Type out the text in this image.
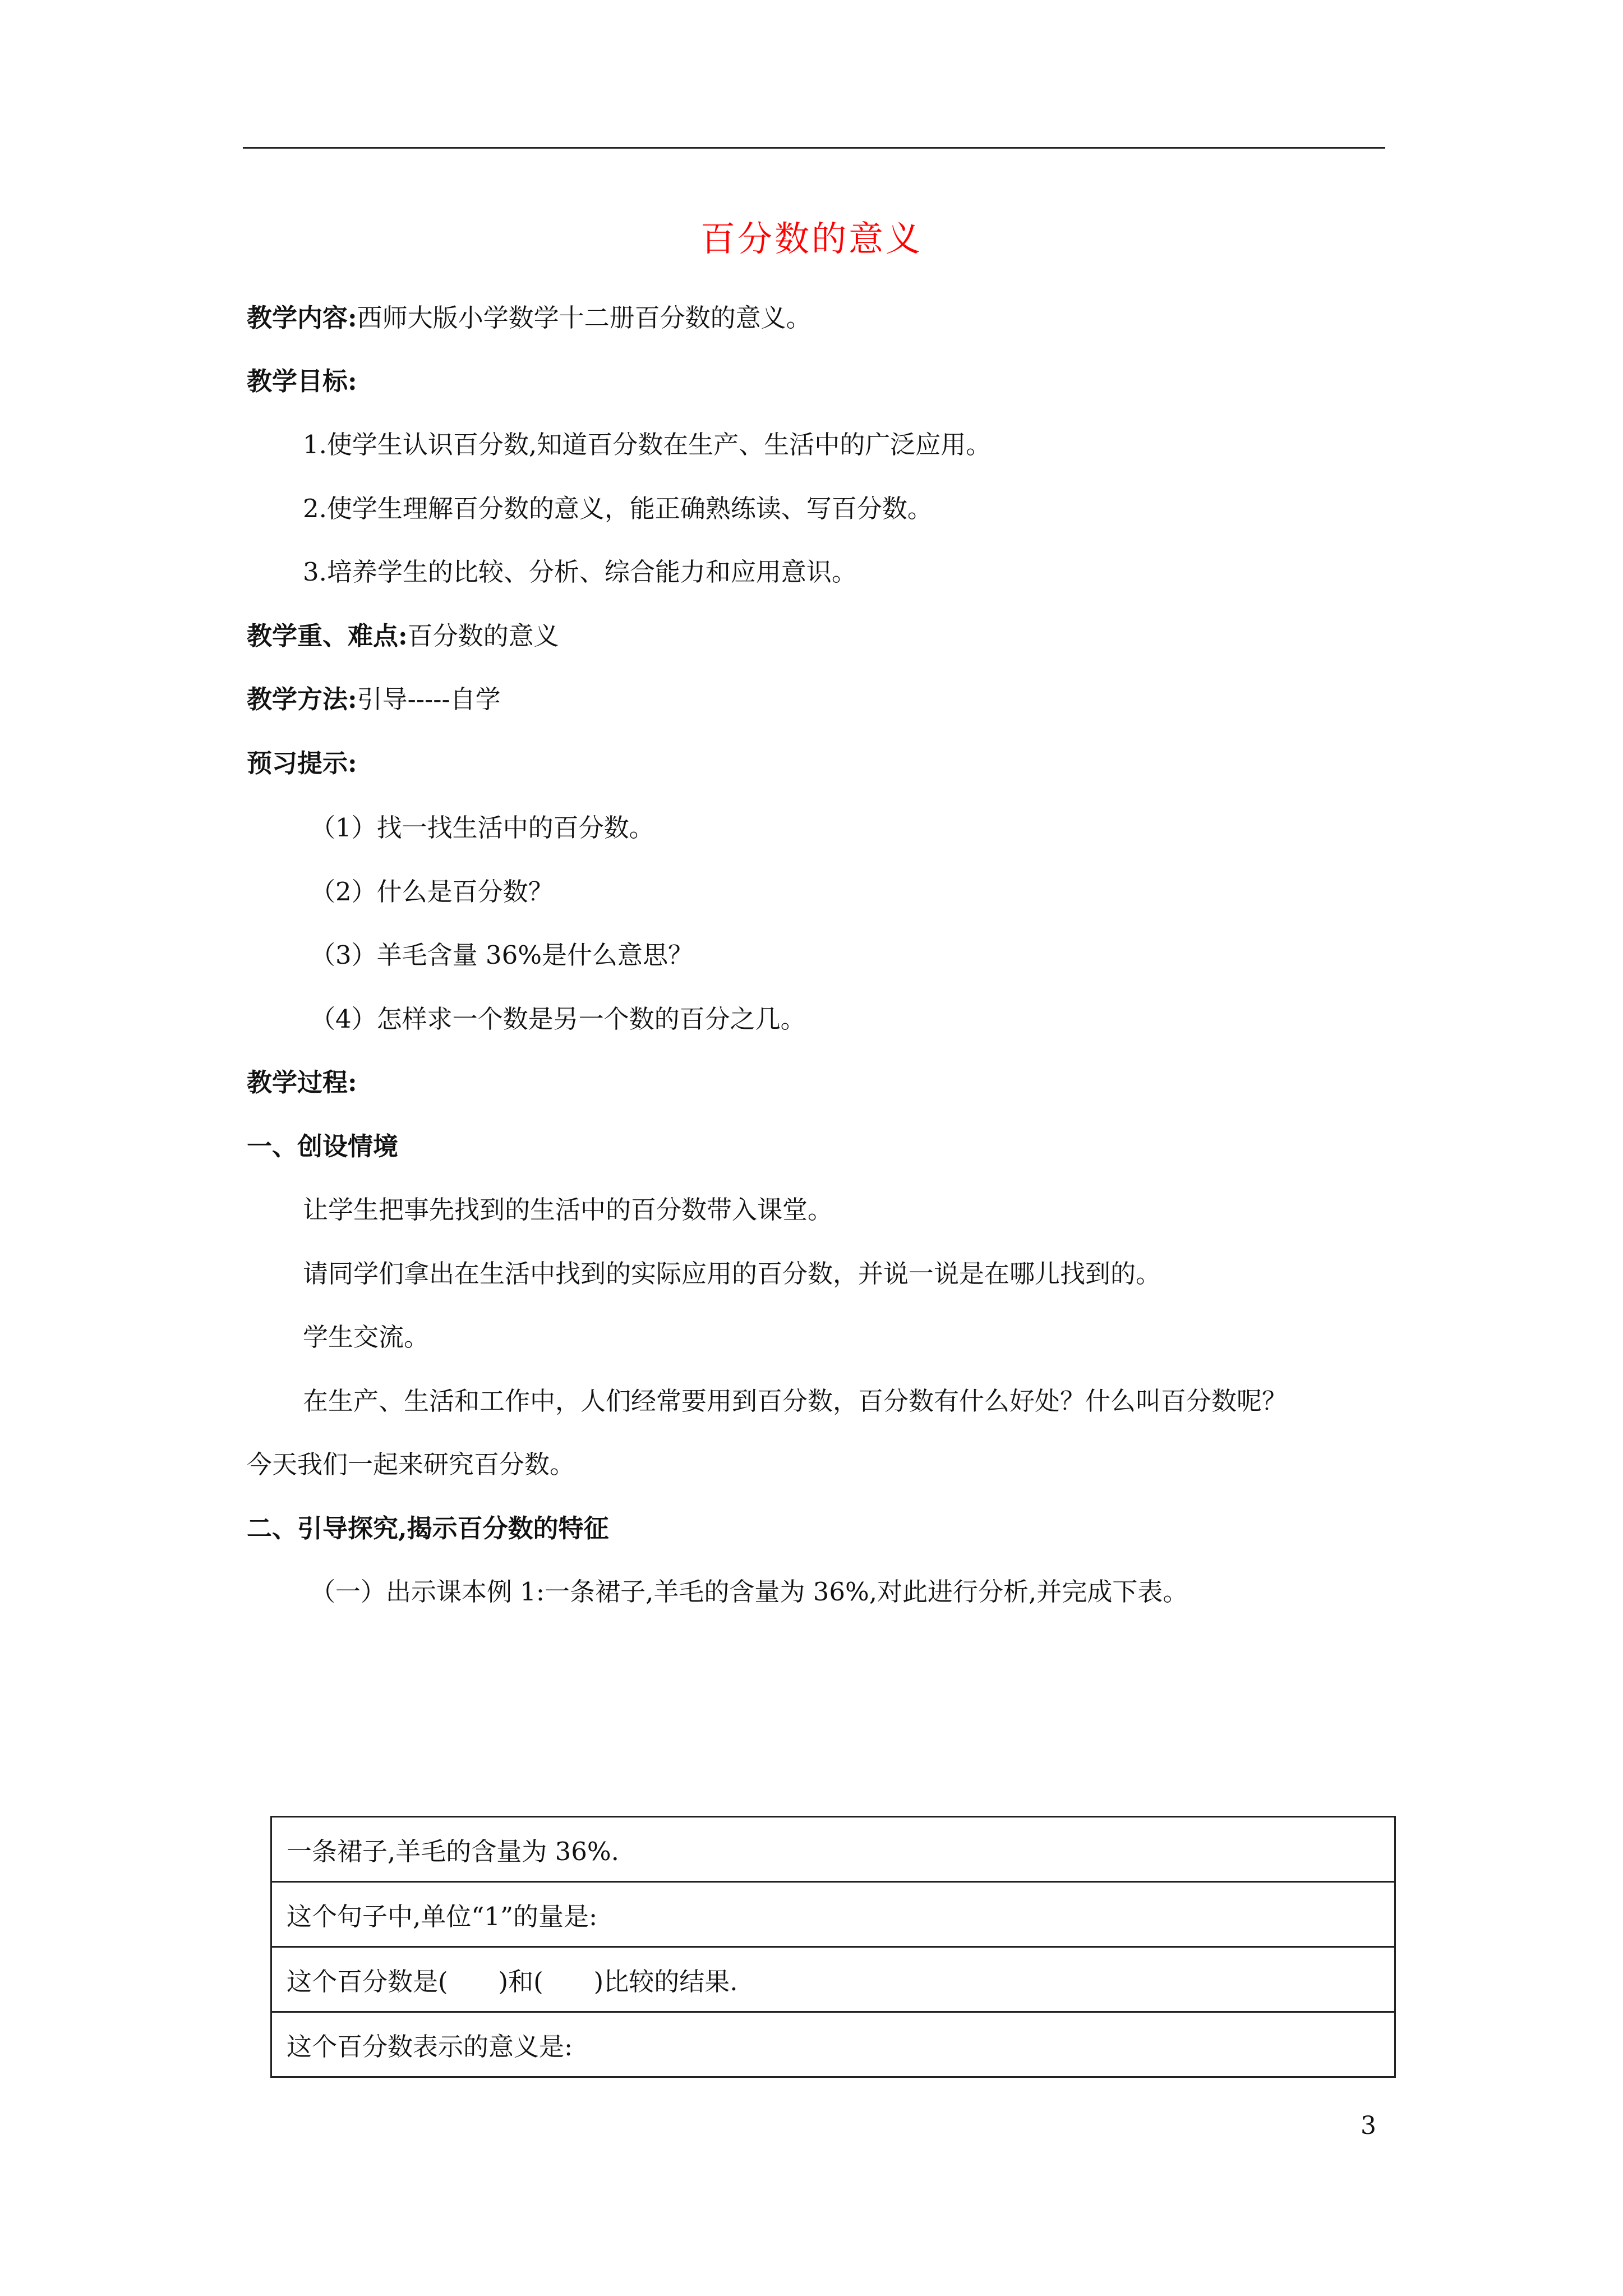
百分数的意义
教学内容:西师大版小学数学十二册百分数的意义。
教学目标:
1.使学生认识百分数,知道百分数在生产、生活中的广泛应用。
2.使学生理解百分数的意义，能正确熟练读、写百分数。
3.培养学生的比较、分析、综合能力和应用意识。
教学重、难点:百分数的意义
教学方法:引导-----自学
预习提示:
（1）找一找生活中的百分数。
（2）什么是百分数？
（3）羊毛含量 36%是什么意思？
（4）怎样求一个数是另一个数的百分之几。
教学过程:
一、创设情境
让学生把事先找到的生活中的百分数带入课堂。
请同学们拿出在生活中找到的实际应用的百分数，并说一说是在哪儿找到的。
学生交流。
在生产、生活和工作中，人们经常要用到百分数，百分数有什么好处？什么叫百分数呢？
今天我们一起来研究百分数。
二、引导探究,揭示百分数的特征
（一）出示课本例 1:一条裙子,羊毛的含量为 36%,对此进行分析,并完成下表。
一条裙子,羊毛的含量为 36%.
这个句子中,单位“1”的量是:
这个百分数是(　　)和(　　)比较的结果.
这个百分数表示的意义是:
3
